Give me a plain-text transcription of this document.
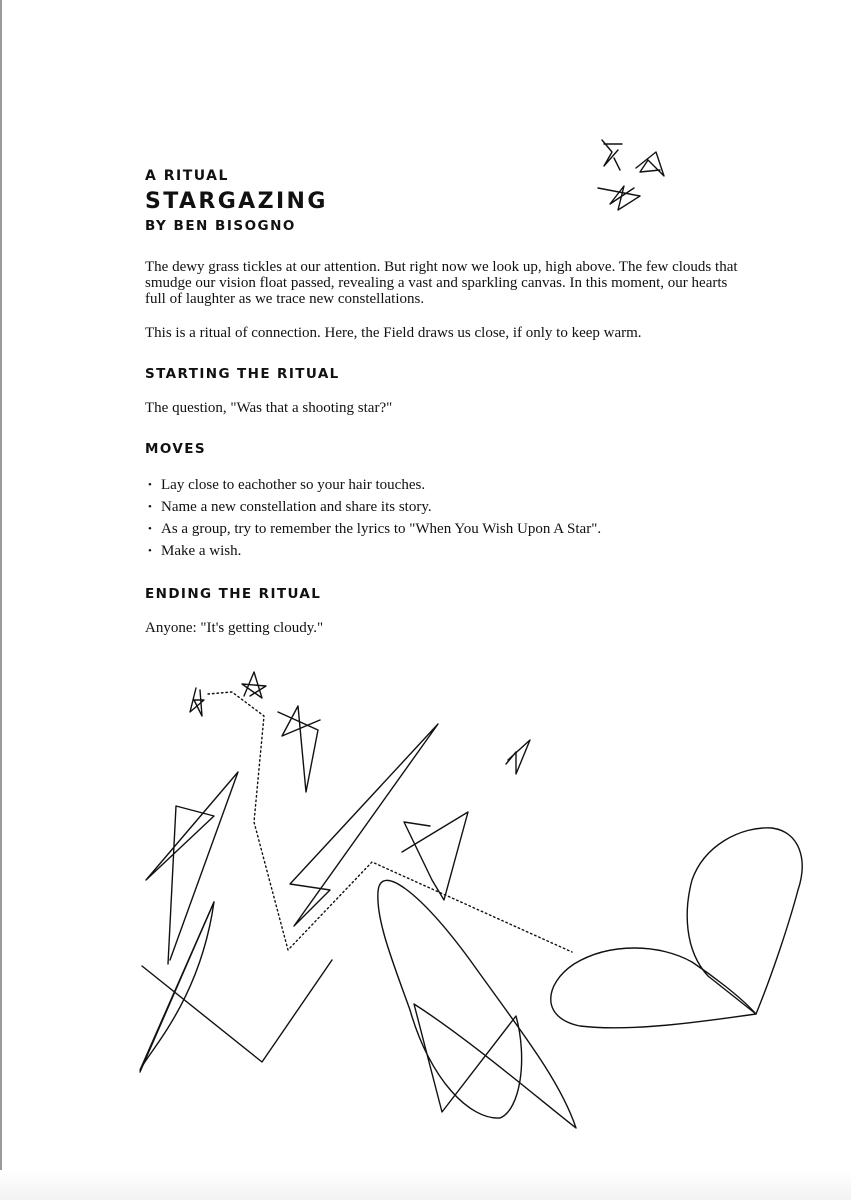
A RITUAL

STARGAZING

BY BEN BISOGNO

The dewy grass tickles at our attention. But right now we look up, high above. The few clouds that smudge our vision float passed, revealing a vast and sparkling canvas. In this moment, our hearts full of laughter as we trace new constellations.

This is a ritual of connection. Here, the Field draws us close, if only to keep warm.

STARTING THE RITUAL

The question, "Was that a shooting star?"

MOVES
• Lay close to eachother so your hair touches.
• Name a new constellation and share its story.
• As a group, try to remember the lyrics to "When You Wish Upon A Star".
• Make a wish.
ENDING THE RITUAL

Anyone: "It's getting cloudy."
